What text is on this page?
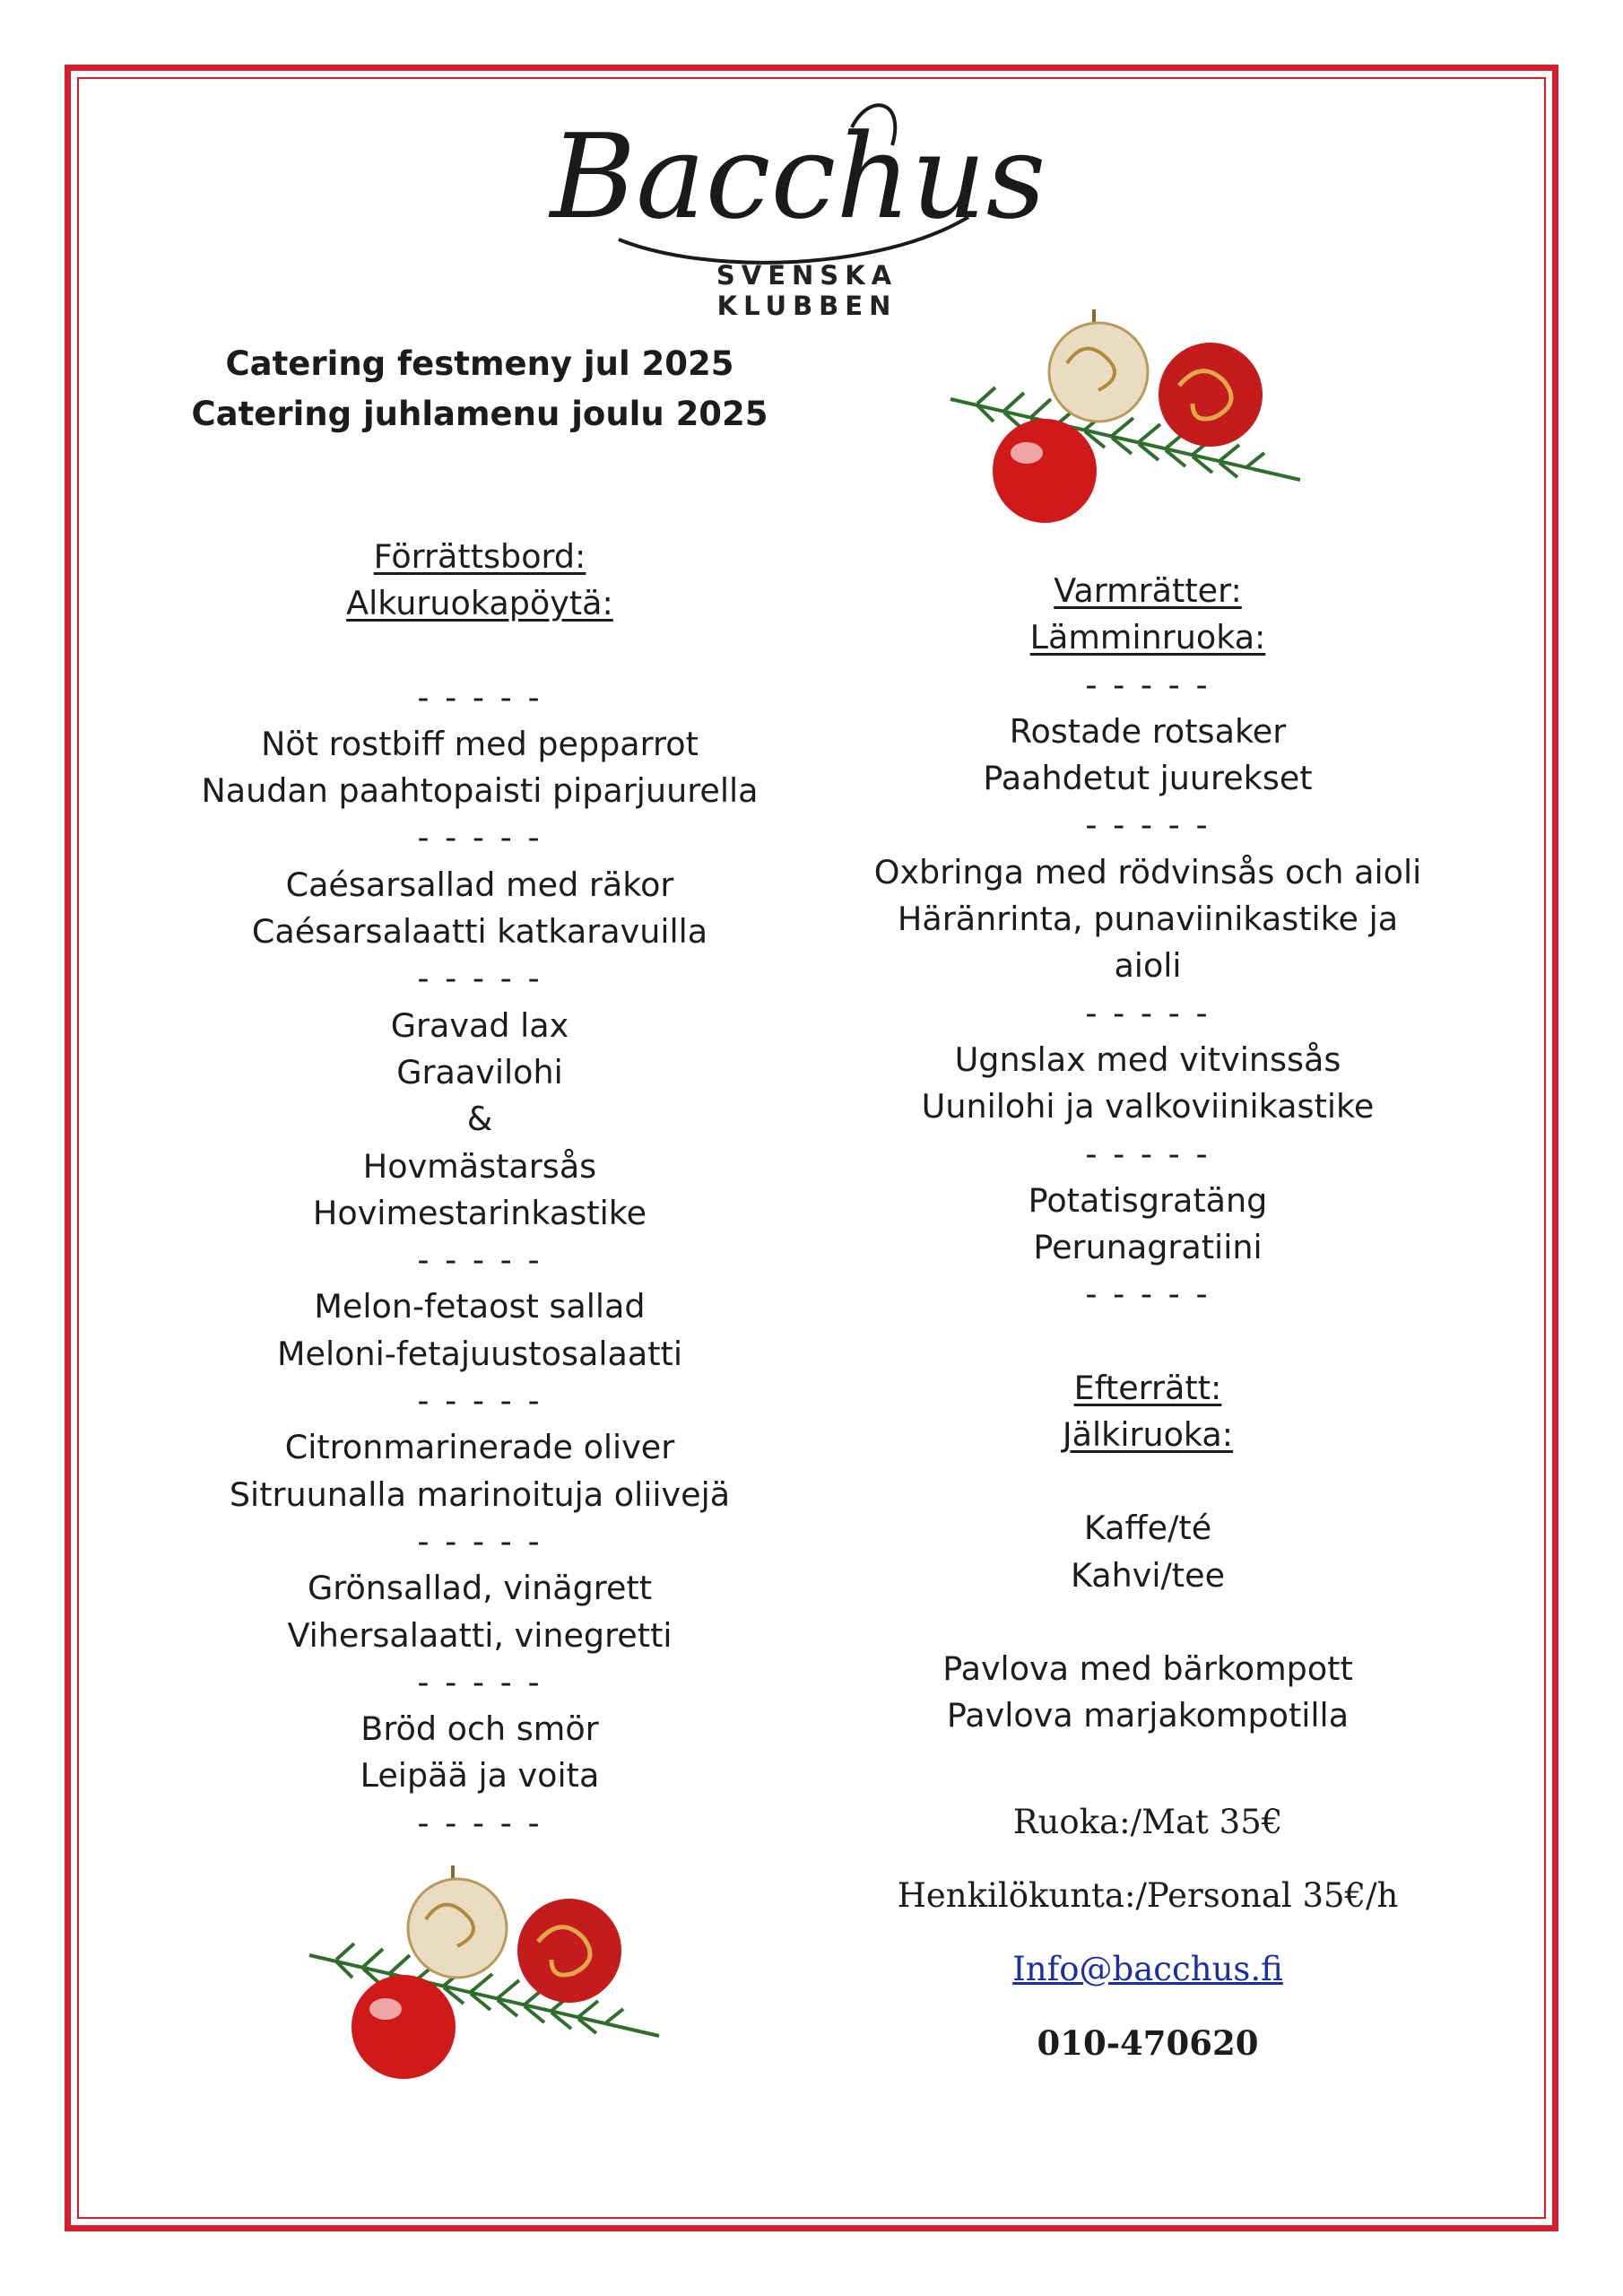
Bacchus
SVENSKA KLUBBEN
Catering festmeny jul 2025
Catering juhlamenu joulu 2025
Förrättsbord:
Alkuruokapöytä:
- - - - -
Nöt rostbiff med pepparrot
Naudan paahtopaisti piparjuurella
- - - - -
Caésarsallad med räkor
Caésarsalaatti katkaravuilla
- - - - -
Gravad lax
Graavilohi
&
Hovmästarsås
Hovimestarinkastike
- - - - -
Melon-fetaost sallad
Meloni-fetajuustosalaatti
- - - - -
Citronmarinerade oliver
Sitruunalla marinoituja oliivejä
- - - - -
Grönsallad, vinägrett
Vihersalaatti, vinegretti
- - - - -
Bröd och smör
Leipää ja voita
- - - - -
Varmrätter:
Lämminruoka:
- - - - -
Rostade rotsaker
Paahdetut juurekset
- - - - -
Oxbringa med rödvinsås och aioli
Häränrinta, punaviinikastike ja
aioli
- - - - -
Ugnslax med vitvinssås
Uunilohi ja valkoviinikastike
- - - - -
Potatisgratäng
Perunagratiini
- - - - -
Efterrätt:
Jälkiruoka:
Kaffe/té
Kahvi/tee
Pavlova med bärkompott
Pavlova marjakompotilla
Ruoka:/Mat 35€
Henkilökunta:/Personal 35€/h
Info@bacchus.fi
010-470620
